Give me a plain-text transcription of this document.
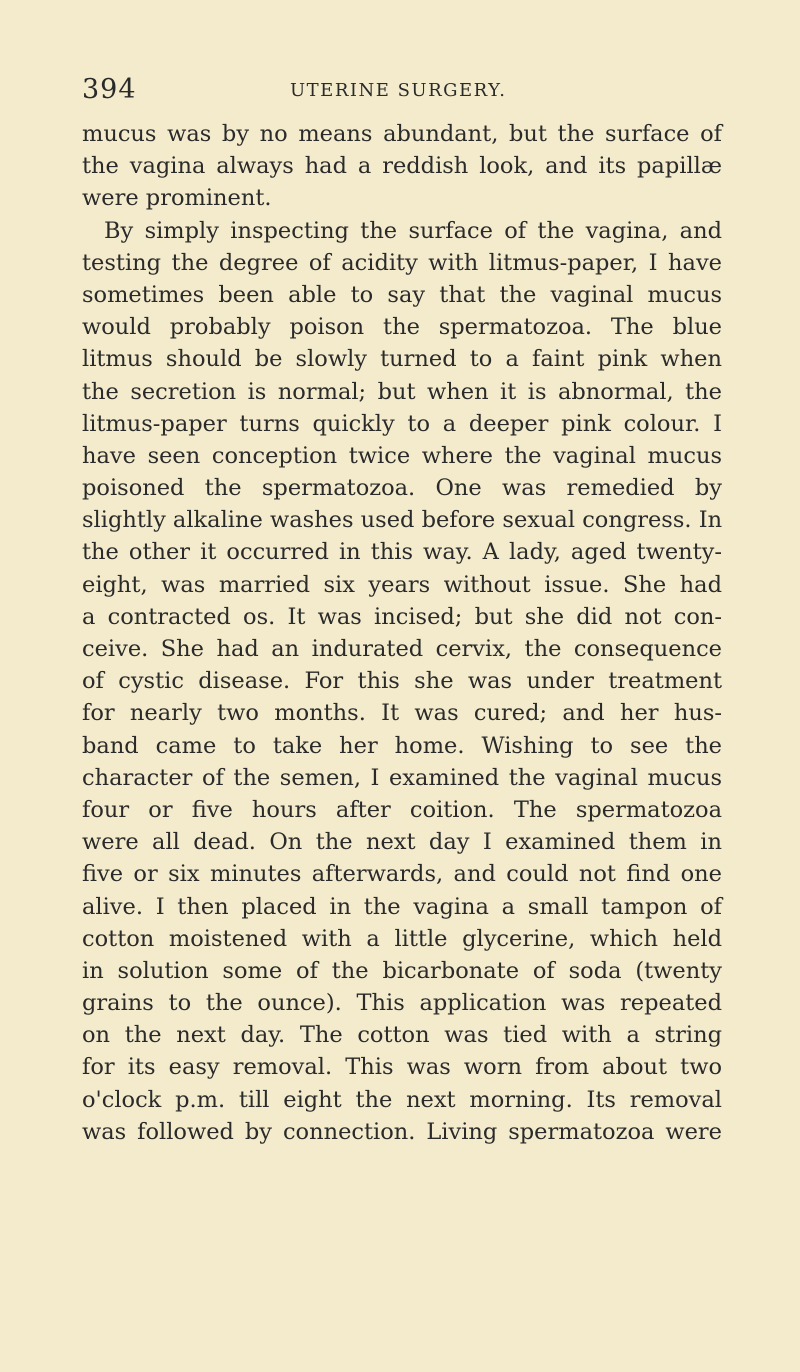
394	UTERINE SURGERY.
mucus was by no means abundant, but the surface of
the vagina always had a reddish look, and its papillæ
were prominent.
By simply inspecting the surface of the vagina, and
testing the degree of acidity with litmus-paper, I have
sometimes been able to say that the vaginal mucus
would probably poison the spermatozoa. The blue
litmus should be slowly turned to a faint pink when
the secretion is normal; but when it is abnormal, the
litmus-paper turns quickly to a deeper pink colour. I
have seen conception twice where the vaginal mucus
poisoned the spermatozoa. One was remedied by
slightly alkaline washes used before sexual congress. In
the other it occurred in this way. A lady, aged twenty-
eight, was married six years without issue. She had
a contracted os. It was incised; but she did not con-
ceive. She had an indurated cervix, the consequence
of cystic disease. For this she was under treatment
for nearly two months. It was cured; and her hus-
band came to take her home. Wishing to see the
character of the semen, I examined the vaginal mucus
four or five hours after coition. The spermatozoa
were all dead. On the next day I examined them in
five or six minutes afterwards, and could not find one
alive. I then placed in the vagina a small tampon of
cotton moistened with a little glycerine, which held
in solution some of the bicarbonate of soda (twenty
grains to the ounce). This application was repeated
on the next day. The cotton was tied with a string
for its easy removal. This was worn from about two
o'clock p.m. till eight the next morning. Its removal
was followed by connection. Living spermatozoa were
